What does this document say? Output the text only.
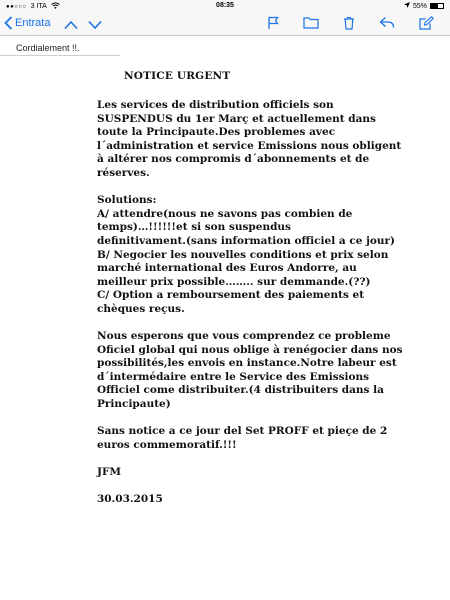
●●○○○ 3 ITA	08:35	55%
Entrata
Cordialement !!.
NOTICE URGENT

Les services de distribution officiels son
SUSPENDUS du 1er Març et actuellement dans
toute la Principaute.Des problemes avec
l´administration et service Emissions nous obligent
à altérer nos compromis d´abonnements et de
réserves.

Solutions:
A/ attendre(nous ne savons pas combien de
temps)…!!!!!!et si son suspendus
definitivament.(sans information officiel a ce jour)
B/ Negocier les nouvelles conditions et prix selon
marché international des Euros Andorre, au
meilleur prix possible…….. sur demmande.(??)
C/ Option a remboursement des paiements et
chèques reçus.

Nous esperons que vous comprendez ce probleme
Oficiel global qui nous oblige à renégocier dans nos
possibilités,les envois en instance.Notre labeur est
d´intermédaire entre le Service des Emissions
Officiel come distribuiter.(4 distribuiters dans la
Principaute)

Sans notice a ce jour del Set PROFF et pieçe de 2
euros commemoratif.!!!

JFM

30.03.2015
